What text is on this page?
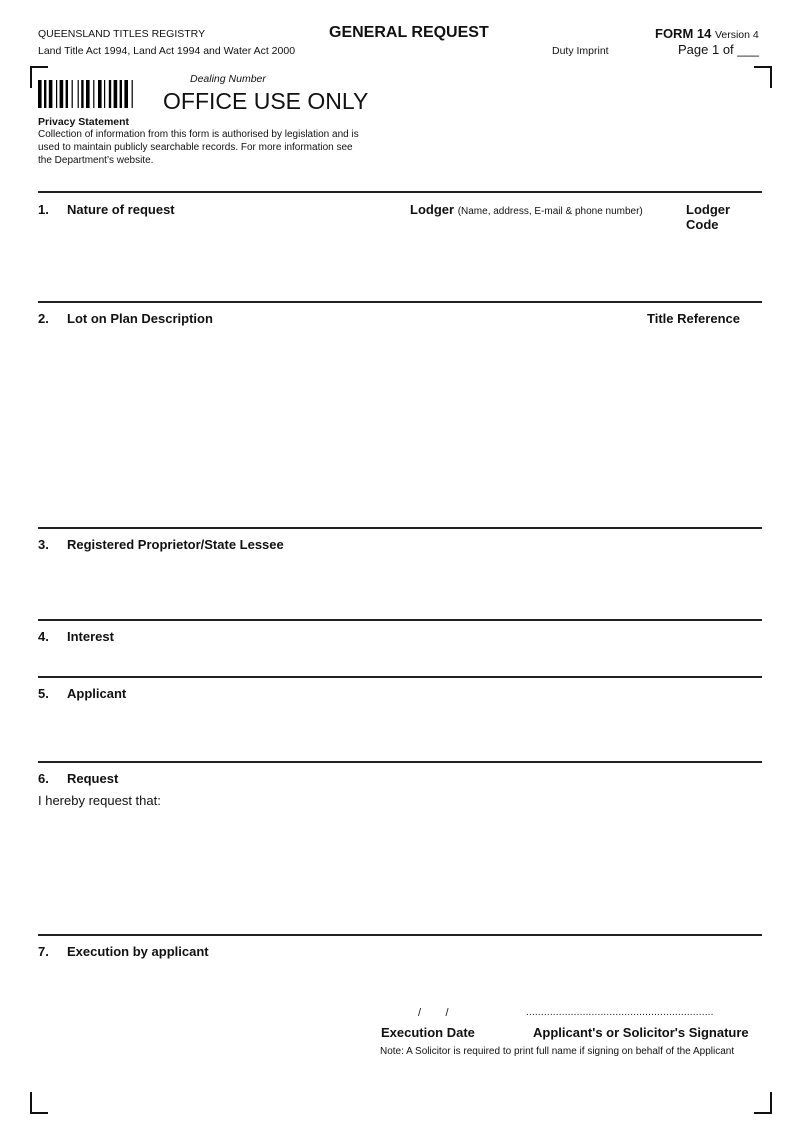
QUEENSLAND TITLES REGISTRY
Land Title Act 1994, Land Act 1994 and Water Act 2000
GENERAL REQUEST
Duty Imprint
FORM 14 Version 4
Page 1 of ___
Dealing Number
OFFICE USE ONLY
Privacy Statement
Collection of information from this form is authorised by legislation and is
used to maintain publicly searchable records. For more information see
the Department’s website.
1. Nature of request	Lodger (Name, address, E-mail & phone number)	Lodger
Code
2. Lot on Plan Description	Title Reference
3. Registered Proprietor/State Lessee
4. Interest
5. Applicant
6. Request
I hereby request that:
7. Execution by applicant
/        /	...............................................................
Execution Date	Applicant's or Solicitor's Signature
Note: A Solicitor is required to print full name if signing on behalf of the Applicant
